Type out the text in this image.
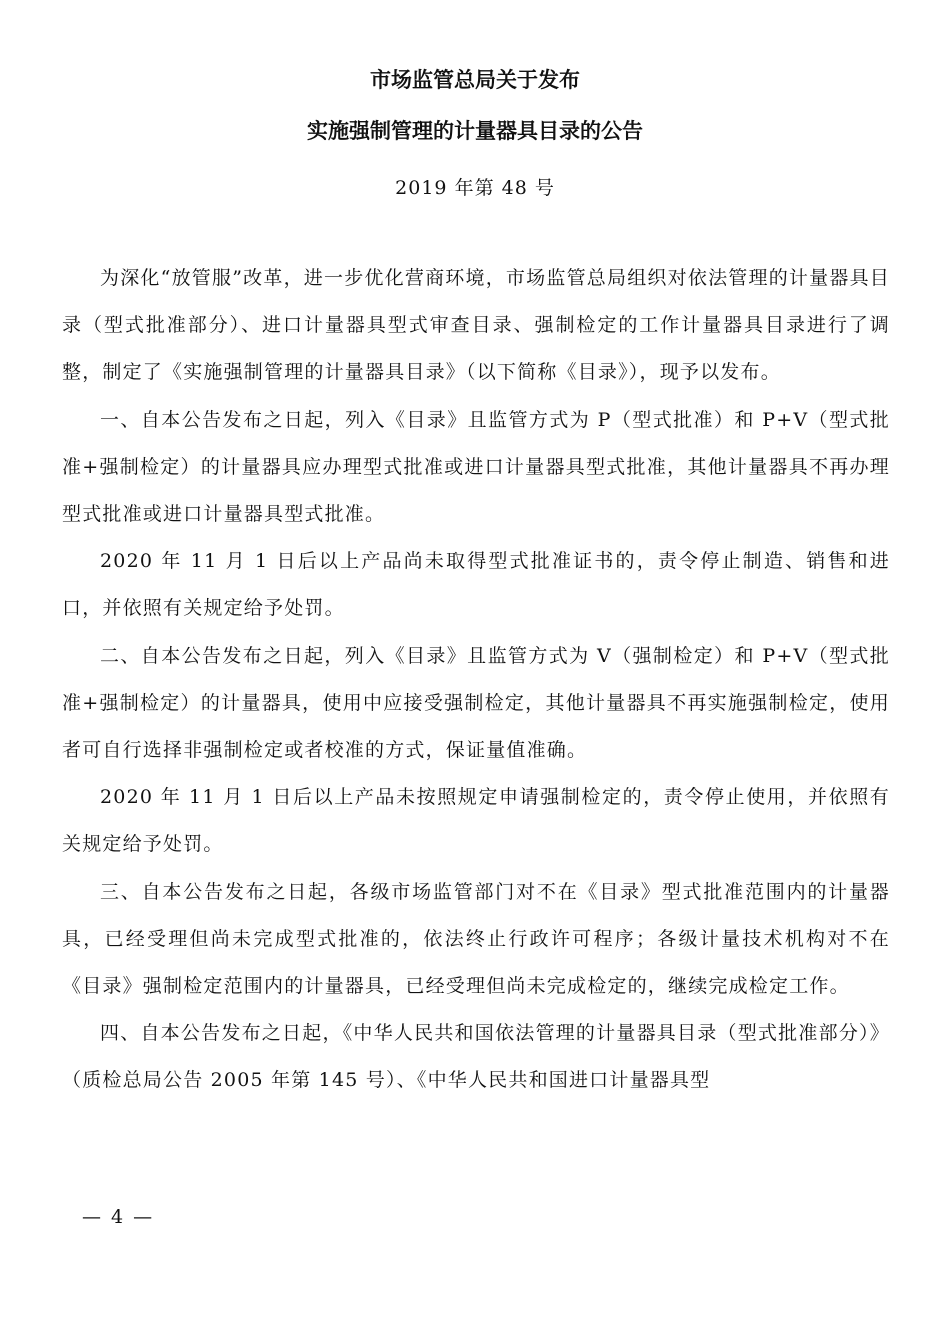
市场监管总局关于发布
实施强制管理的计量器具目录的公告
2019 年第 48 号

为深化“放管服”改革，进一步优化营商环境，市场监管总局组织对依法管理的计量器具目录（型式批准部分）、进口计量器具型式审查目录、强制检定的工作计量器具目录进行了调整，制定了《实施强制管理的计量器具目录》（以下简称《目录》），现予以发布。

一、自本公告发布之日起，列入《目录》且监管方式为 P（型式批准）和 P+V（型式批准+强制检定）的计量器具应办理型式批准或进口计量器具型式批准，其他计量器具不再办理型式批准或进口计量器具型式批准。

2020 年 11 月 1 日后以上产品尚未取得型式批准证书的，责令停止制造、销售和进口，并依照有关规定给予处罚。

二、自本公告发布之日起，列入《目录》且监管方式为 V（强制检定）和 P+V（型式批准+强制检定）的计量器具，使用中应接受强制检定，其他计量器具不再实施强制检定，使用者可自行选择非强制检定或者校准的方式，保证量值准确。

2020 年 11 月 1 日后以上产品未按照规定申请强制检定的，责令停止使用，并依照有关规定给予处罚。

三、自本公告发布之日起，各级市场监管部门对不在《目录》型式批准范围内的计量器具，已经受理但尚未完成型式批准的，依法终止行政许可程序；各级计量技术机构对不在《目录》强制检定范围内的计量器具，已经受理但尚未完成检定的，继续完成检定工作。

四、自本公告发布之日起，《中华人民共和国依法管理的计量器具目录（型式批准部分）》（质检总局公告 2005 年第 145 号）、《中华人民共和国进口计量器具型

— 4 —
